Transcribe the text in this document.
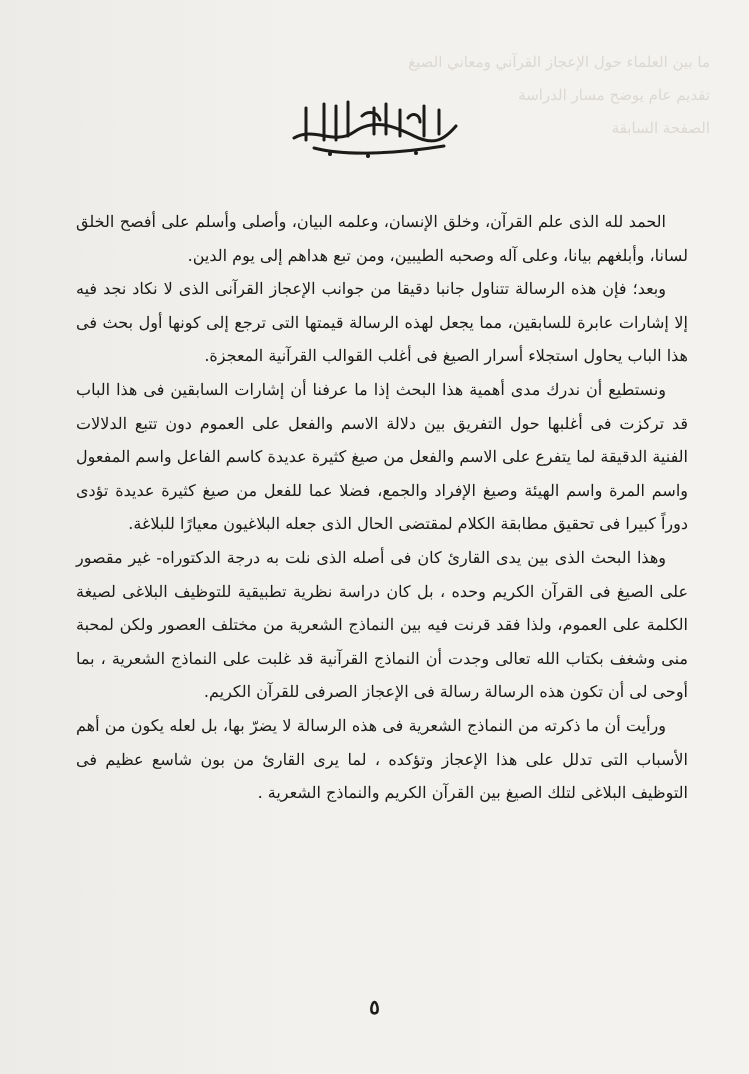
ما بين العلماء حول الإعجاز القرآني ومعاني الصيغ

تقديم عام يوضح مسار الدراسة

الصفحة السابقة

الحمد لله الذى علم القرآن، وخلق الإنسان، وعلمه البيان، وأصلى وأسلم على أفصح الخلق لسانا، وأبلغهم بيانا، وعلى آله وصحبه الطيبين، ومن تبع هداهم إلى يوم الدين.

وبعد؛ فإن هذه الرسالة تتناول جانبا دقيقا من جوانب الإعجاز القرآنى الذى لا نكاد نجد فيه إلا إشارات عابرة للسابقين، مما يجعل لهذه الرسالة قيمتها التى ترجع إلى كونها أول بحث فى هذا الباب يحاول استجلاء أسرار الصيغ فى أغلب القوالب القرآنية المعجزة.

ونستطيع أن ندرك مدى أهمية هذا البحث إذا ما عرفنا أن إشارات السابقين فى هذا الباب قد تركزت فى أغلبها حول التفريق بين دلالة الاسم والفعل على العموم دون تتبع الدلالات الفنية الدقيقة لما يتفرع على الاسم والفعل من صيغ كثيرة عديدة كاسم الفاعل واسم المفعول واسم المرة واسم الهيئة وصيغ الإفراد والجمع، فضلا عما للفعل من صيغ كثيرة عديدة تؤدى دوراً كبيرا فى تحقيق مطابقة الكلام لمقتضى الحال الذى جعله البلاغيون معيارًا للبلاغة.

وهذا البحث الذى بين يدى القارئ كان فى أصله الذى نلت به درجة الدكتوراه- غير مقصور على الصيغ فى القرآن الكريم وحده ، بل كان دراسة نظرية تطبيقية للتوظيف البلاغى لصيغة الكلمة على العموم، ولذا فقد قرنت فيه بين النماذج الشعرية من مختلف العصور ولكن لمحبة منى وشغف بكتاب الله تعالى وجدت أن النماذج القرآنية قد غلبت على النماذج الشعرية ، بما أوحى لى أن تكون هذه الرسالة رسالة فى الإعجاز الصرفى للقرآن الكريم.

ورأيت أن ما ذكرته من النماذج الشعرية فى هذه الرسالة لا يضرّ بها، بل لعله يكون من أهم الأسباب التى تدلل على هذا الإعجاز وتؤكده ، لما يرى القارئ من بون شاسع عظيم فى التوظيف البلاغى لتلك الصيغ بين القرآن الكريم والنماذج الشعرية .

٥
